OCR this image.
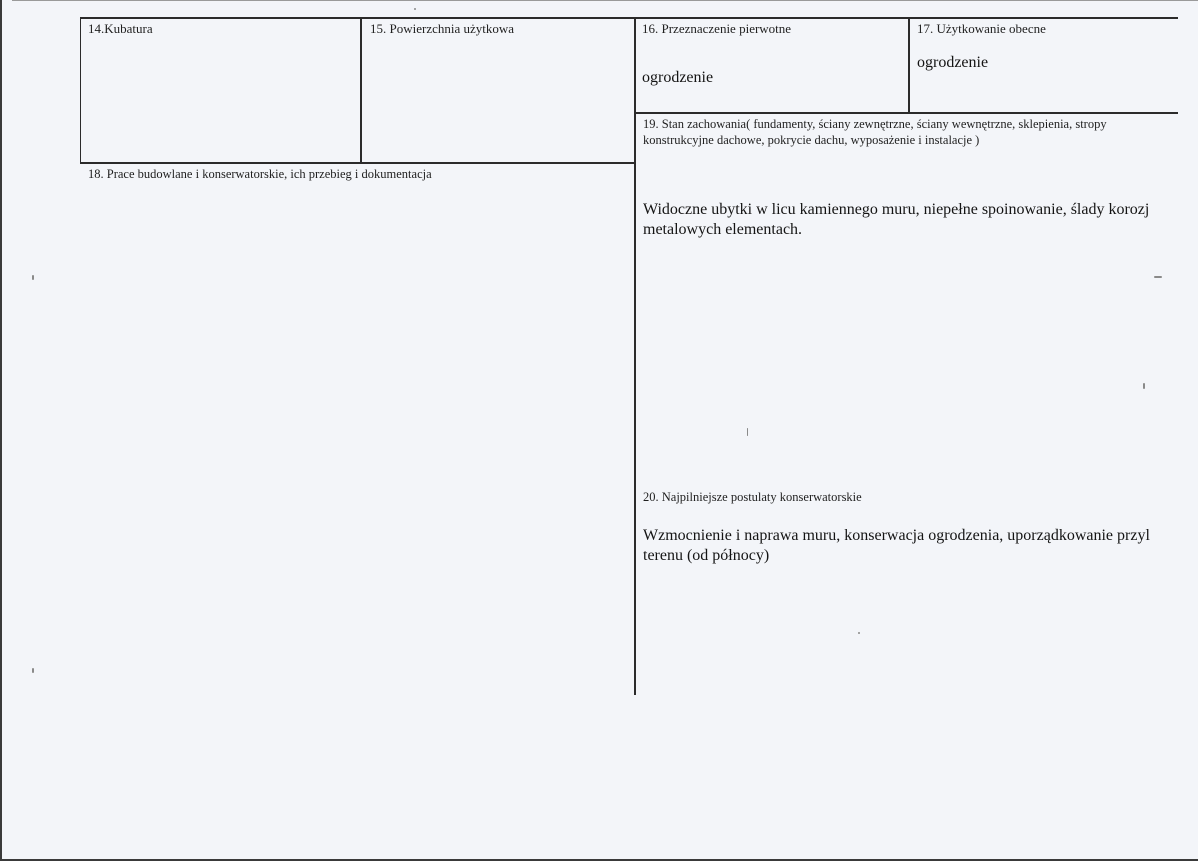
14.Kubatura	15. Powierzchnia użytkowa	16. Przeznaczenie pierwotne
ogrodzenie
17. Użytkowanie obecne
ogrodzenie
18. Prace budowlane i konserwatorskie, ich przebieg i dokumentacja
19. Stan zachowania( fundamenty, ściany zewnętrzne, ściany wewnętrzne, sklepienia, stropy
konstrukcyjne dachowe, pokrycie dachu, wyposażenie i instalacje )
Widoczne ubytki w licu kamiennego muru, niepełne spoinowanie, ślady korozj
metalowych elementach.
20. Najpilniejsze postulaty konserwatorskie
Wzmocnienie i naprawa muru, konserwacja ogrodzenia, uporządkowanie przyl
terenu (od północy)
